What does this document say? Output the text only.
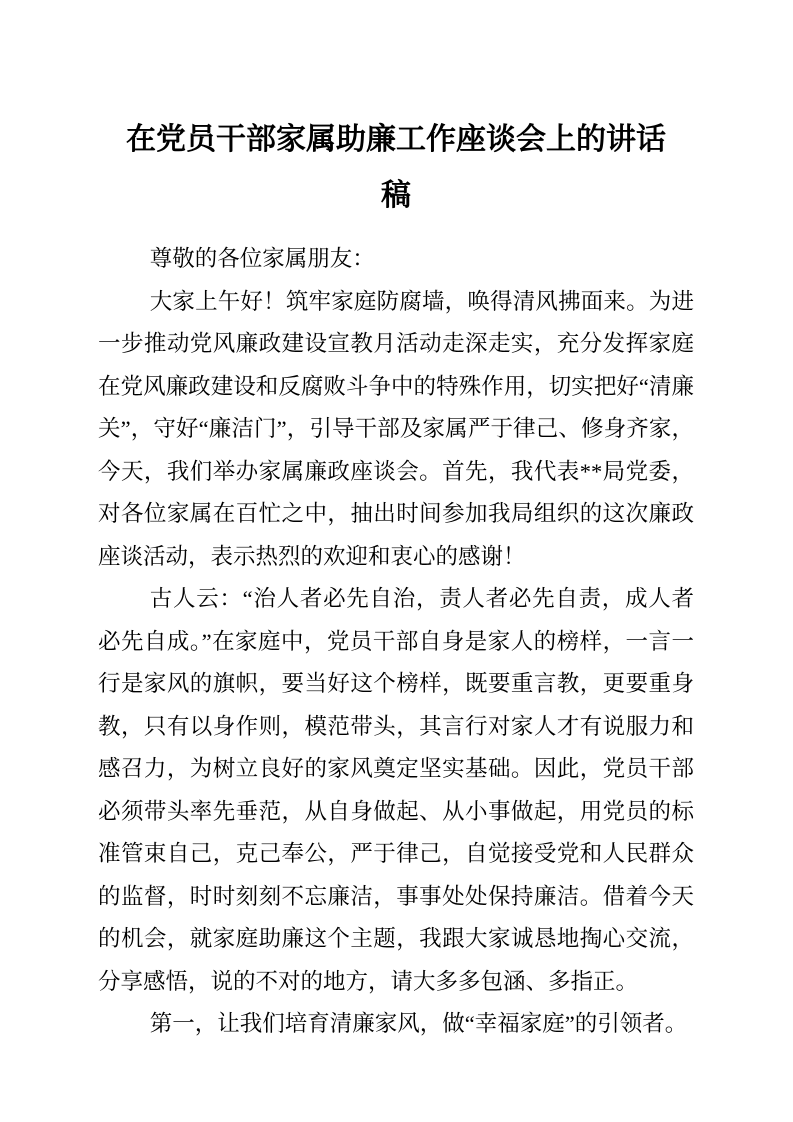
在党员干部家属助廉工作座谈会上的讲话稿

尊敬的各位家属朋友：

大家上午好！筑牢家庭防腐墙，唤得清风拂面来。为进一步推动党风廉政建设宣教月活动走深走实，充分发挥家庭在党风廉政建设和反腐败斗争中的特殊作用，切实把好“清廉关”，守好“廉洁门”，引导干部及家属严于律己、修身齐家，今天，我们举办家属廉政座谈会。首先，我代表**局党委，对各位家属在百忙之中，抽出时间参加我局组织的这次廉政座谈活动，表示热烈的欢迎和衷心的感谢！

古人云：“治人者必先自治，责人者必先自责，成人者必先自成。”在家庭中，党员干部自身是家人的榜样，一言一行是家风的旗帜，要当好这个榜样，既要重言教，更要重身教，只有以身作则，模范带头，其言行对家人才有说服力和感召力，为树立良好的家风奠定坚实基础。因此，党员干部必须带头率先垂范，从自身做起、从小事做起，用党员的标准管束自己，克己奉公，严于律己，自觉接受党和人民群众的监督，时时刻刻不忘廉洁，事事处处保持廉洁。借着今天的机会，就家庭助廉这个主题，我跟大家诚恳地掏心交流，分享感悟，说的不对的地方，请大多多包涵、多指正。

第一，让我们培育清廉家风，做“幸福家庭”的引领者。
